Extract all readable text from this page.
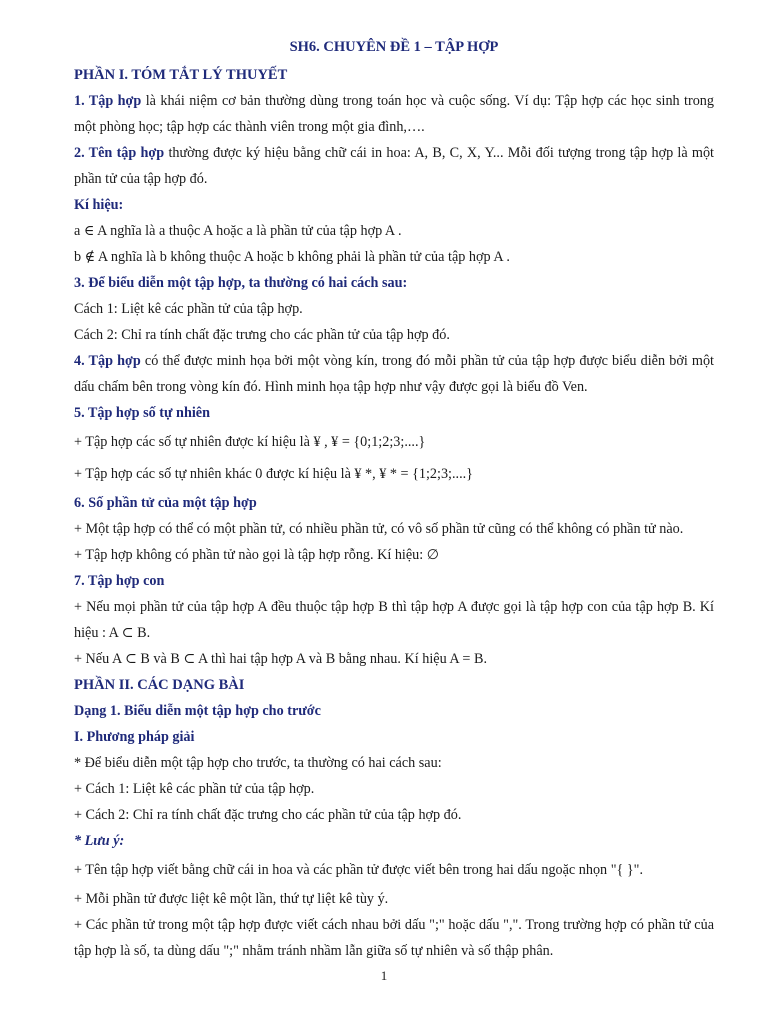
SH6. CHUYÊN ĐỀ 1 – TẬP HỢP
PHẦN I. TÓM TẮT LÝ THUYẾT
1. Tập hợp là khái niệm cơ bản thường dùng trong toán học và cuộc sống. Ví dụ: Tập hợp các học sinh trong một phòng học; tập hợp các thành viên trong một gia đình,….
2. Tên tập hợp thường được ký hiệu bằng chữ cái in hoa: A, B, C, X, Y... Mỗi đối tượng trong tập hợp là một phần tử của tập hợp đó.
Kí hiệu:
a ∈ A nghĩa là a thuộc A hoặc a là phần tử của tập hợp A .
b ∉ A nghĩa là b không thuộc A hoặc b không phải là phần tử của tập hợp A .
3. Để biểu diễn một tập hợp, ta thường có hai cách sau:
Cách 1: Liệt kê các phần tử của tập hợp.
Cách 2: Chỉ ra tính chất đặc trưng cho các phần tử của tập hợp đó.
4. Tập hợp có thể được minh họa bởi một vòng kín, trong đó mỗi phần tử của tập hợp được biểu diễn bởi một dấu chấm bên trong vòng kín đó. Hình minh họa tập hợp như vậy được gọi là biểu đồ Ven.
5. Tập hợp số tự nhiên
+ Tập hợp các số tự nhiên được kí hiệu là ¥ , ¥ = {0;1;2;3;....}
+ Tập hợp các số tự nhiên khác 0 được kí hiệu là ¥ *, ¥ * = {1;2;3;....}
6. Số phần tử của một tập hợp
+ Một tập hợp có thể có một phần tử, có nhiều phần tử, có vô số phần tử cũng có thể không có phần tử nào.
+ Tập hợp không có phần tử nào gọi là tập hợp rỗng. Kí hiệu: ∅
7. Tập hợp con
+ Nếu mọi phần tử của tập hợp A đều thuộc tập hợp B thì tập hợp A được gọi là tập hợp con của tập hợp B. Kí hiệu : A ⊂ B.
+ Nếu A ⊂ B và B ⊂ A thì hai tập hợp A và B bằng nhau. Kí hiệu A = B.
PHẦN II. CÁC DẠNG BÀI
Dạng 1. Biểu diễn một tập hợp cho trước
I. Phương pháp giải
* Để biểu diễn một tập hợp cho trước, ta thường có hai cách sau:
+ Cách 1: Liệt kê các phần tử của tập hợp.
+ Cách 2: Chỉ ra tính chất đặc trưng cho các phần tử của tập hợp đó.
* Lưu ý:
+ Tên tập hợp viết bằng chữ cái in hoa và các phần tử được viết bên trong hai dấu ngoặc nhọn "{ }".
+ Mỗi phần tử được liệt kê một lần, thứ tự liệt kê tùy ý.
+ Các phần tử trong một tập hợp được viết cách nhau bởi dấu ";" hoặc dấu ",". Trong trường hợp có phần tử của tập hợp là số, ta dùng dấu ";" nhằm tránh nhầm lẫn giữa số tự nhiên và số thập phân.
1
